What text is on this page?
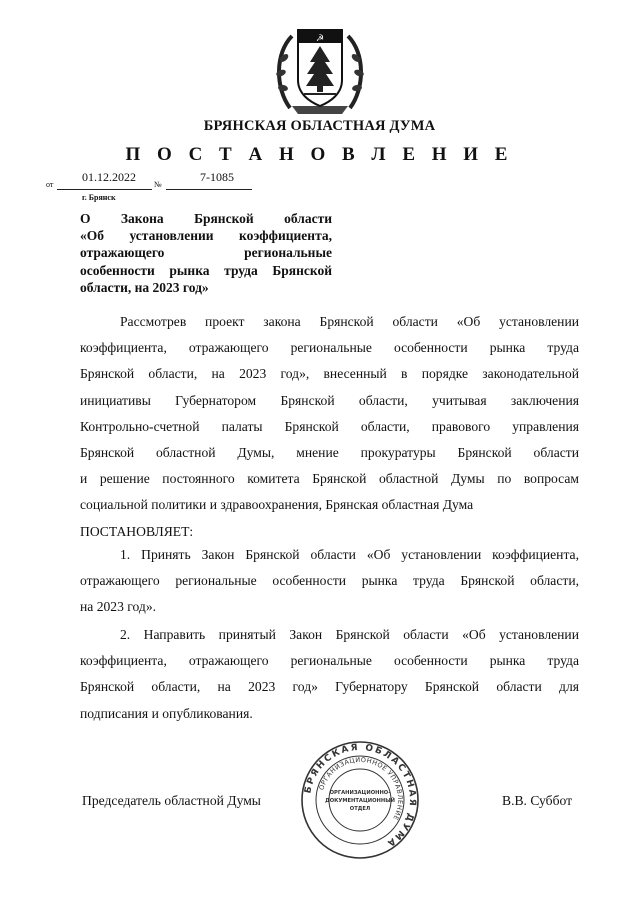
☭
БРЯНСКАЯ ОБЛАСТНАЯ ДУМА
П О С Т А Н О В Л Е Н И Е
от
01.12.2022
№
7-1085
г. Брянск
О Закона Брянской области
«Об установлении коэффициента,
отражающего региональные
особенности рынка труда Брянской
области, на 2023 год»
Рассмотрев проект закона Брянской области «Об установлении
коэффициента, отражающего региональные особенности рынка труда
Брянской области, на 2023 год», внесенный в порядке законодательной
инициативы Губернатором Брянской области, учитывая заключения
Контрольно-счетной палаты Брянской области, правового управления
Брянской областной Думы, мнение прокуратуры Брянской области
и решение постоянного комитета Брянской областной Думы по вопросам
социальной политики и здравоохранения, Брянская областная Дума
ПОСТАНОВЛЯЕТ:
1. Принять Закон Брянской области «Об установлении коэффициента,
отражающего региональные особенности рынка труда Брянской области,
на 2023 год».
2. Направить принятый Закон Брянской области «Об установлении
коэффициента, отражающего региональные особенности рынка труда
Брянской области, на 2023 год» Губернатору Брянской области для
подписания и опубликования.
БРЯНСКАЯ ОБЛАСТНАЯ ДУМА
ОРГАНИЗАЦИОННОЕ УПРАВЛЕНИЕ
ОРГАНИЗАЦИОННО-
ДОКУМЕНТАЦИОННЫЙ
ОТДЕЛ
Председатель областной Думы	В.В. Суббот
